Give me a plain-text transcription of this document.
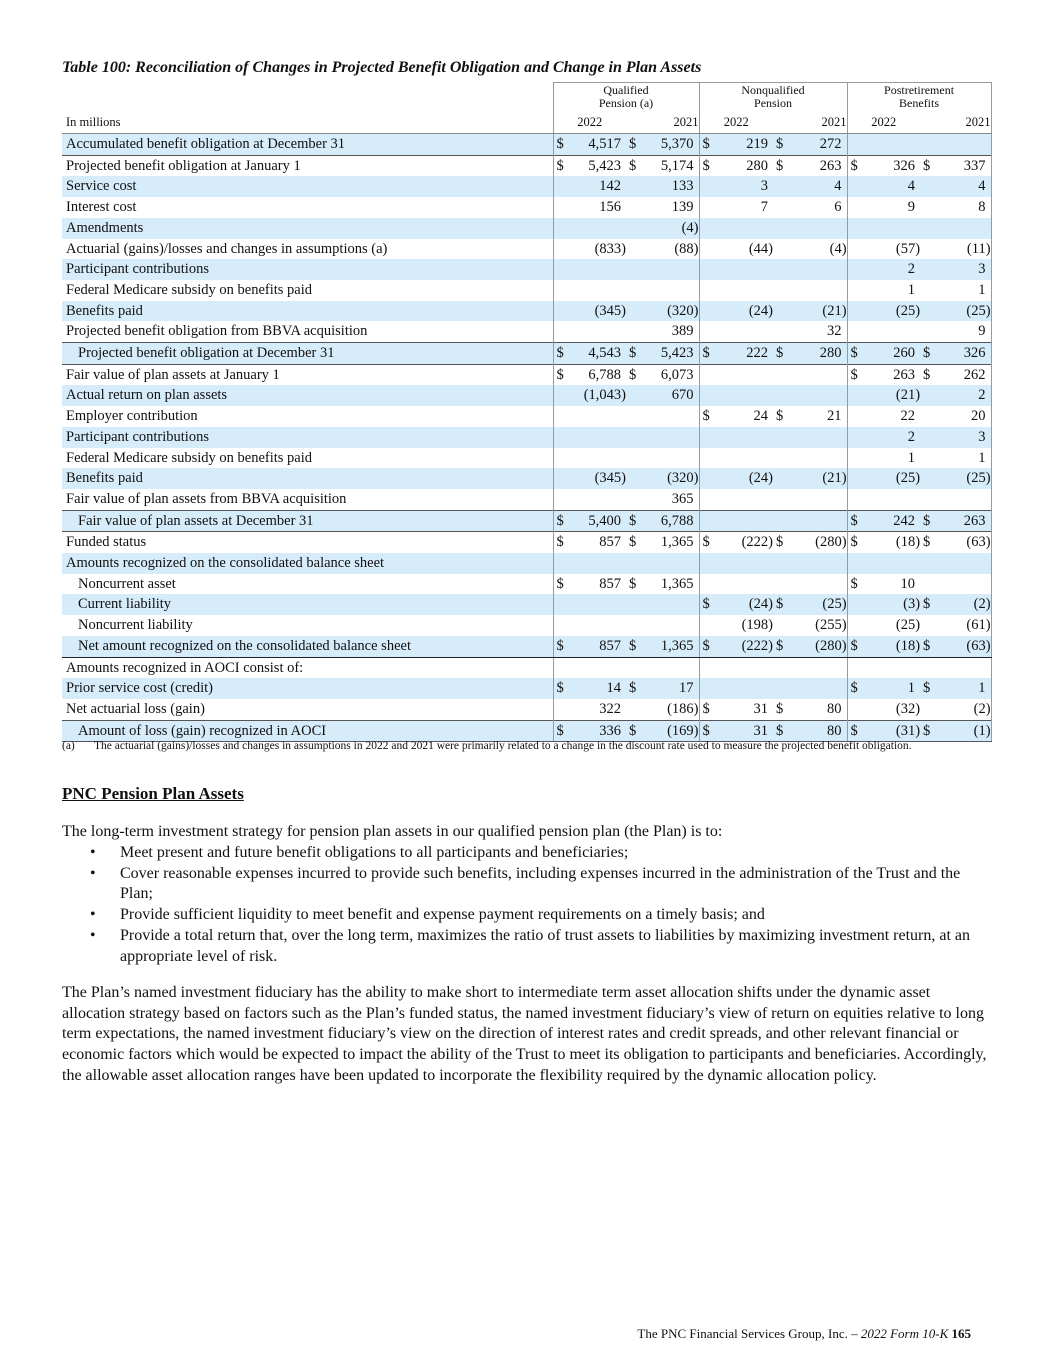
Table 100: Reconciliation of Changes in Projected Benefit Obligation and Change in Plan Assets
	Qualified
Pension (a)		Nonqualified
Pension		Postretirement
Benefits	
In millions	2022	2021	2022	2021	2022	2021
Accumulated benefit obligation at December 31	$ 4,517	$ 5,370	$ 219	$ 272		

Projected benefit obligation at January 1	$ 5,423	$ 5,174	$ 280	$ 263	$ 326	$ 337

Service cost	142	133	3	4	4	4

Interest cost	156	139	7	6	9	8

Amendments		(4)				

Actuarial (gains)/losses and changes in assumptions (a)	(833)	(88)	(44)	(4)	(57)	(11)

Participant contributions					2	3

Federal Medicare subsidy on benefits paid					1	1

Benefits paid	(345)	(320)	(24)	(21)	(25)	(25)

Projected benefit obligation from BBVA acquisition		389		32		9

Projected benefit obligation at December 31	$ 4,543	$ 5,423	$ 222	$ 280	$ 260	$ 326

Fair value of plan assets at January 1	$ 6,788	$ 6,073			$ 263	$ 262

Actual return on plan assets	(1,043)	670			(21)	2

Employer contribution			$ 24	$ 21	22	20

Participant contributions					2	3

Federal Medicare subsidy on benefits paid					1	1

Benefits paid	(345)	(320)	(24)	(21)	(25)	(25)

Fair value of plan assets from BBVA acquisition		365				

Fair value of plan assets at December 31	$ 5,400	$ 6,788			$ 242	$ 263

Funded status	$ 857	$ 1,365	$ (222)	$ (280)	$ (18)	$ (63)

Amounts recognized on the consolidated balance sheet	

Noncurrent asset	$ 857	$ 1,365			$ 10	

Current liability			$ (24)	$ (25)	(3)	$ (2)

Noncurrent liability			(198)	(255)	(25)	(61)

Net amount recognized on the consolidated balance sheet	$ 857	$ 1,365	$ (222)	$ (280)	$ (18)	$ (63)

Amounts recognized in AOCI consist of:	

Prior service cost (credit)	$ 14	$ 17			$ 1	$ 1

Net actuarial loss (gain)	322	(186)	$ 31	$ 80	(32)	(2)

Amount of loss (gain) recognized in AOCI	$ 336	$ (169)	$ 31	$ 80	$ (31)	$ (1)
(a)	The actuarial (gains)/losses and changes in assumptions in 2022 and 2021 were primarily related to a change in the discount rate used to measure the projected benefit obligation.
PNC Pension Plan Assets

The long-term investment strategy for pension plan assets in our qualified pension plan (the Plan) is to:

• Meet present and future benefit obligations to all participants and beneficiaries;
• Cover reasonable expenses incurred to provide such benefits, including expenses incurred in the administration of the Trust and the Plan;
• Provide sufficient liquidity to meet benefit and expense payment requirements on a timely basis; and
• Provide a total return that, over the long term, maximizes the ratio of trust assets to liabilities by maximizing investment return, at an appropriate level of risk.

The Plan’s named investment fiduciary has the ability to make short to intermediate term asset allocation shifts under the dynamic asset allocation strategy based on factors such as the Plan’s funded status, the named investment fiduciary’s view of return on equities relative to long term expectations, the named investment fiduciary’s view on the direction of interest rates and credit spreads, and other relevant financial or economic factors which would be expected to impact the ability of the Trust to meet its obligation to participants and beneficiaries. Accordingly, the allowable asset allocation ranges have been updated to incorporate the flexibility required by the dynamic allocation policy.

The PNC Financial Services Group, Inc. – 2022 Form 10-K 165
